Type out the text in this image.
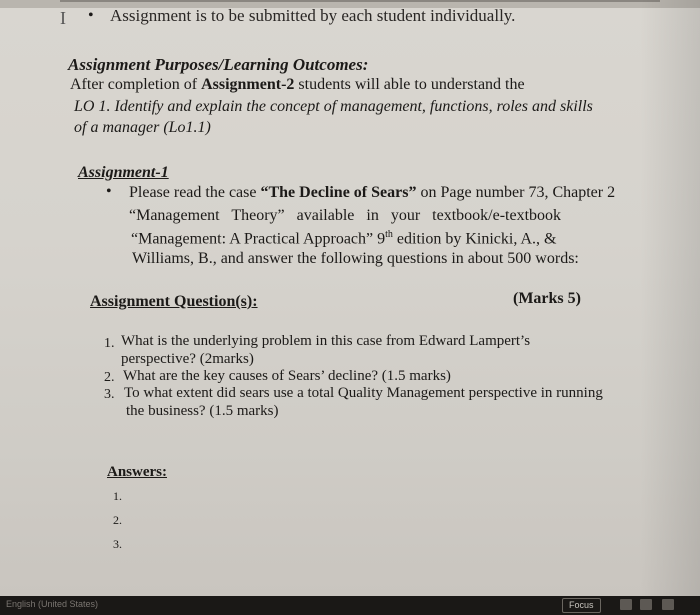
I • Assignment is to be submitted by each student individually.
Assignment Purposes/Learning Outcomes:
After completion of Assignment-2 students will able to understand the
LO 1. Identify and explain the concept of management, functions, roles and skills
of a manager (Lo1.1)
Assignment-1
• Please read the case “The Decline of Sears” on Page number 73, Chapter 2
“Management   Theory”   available   in   your   textbook/e-textbook
“Management: A Practical Approach” 9th edition by Kinicki, A., &
Williams, B., and answer the following questions in about 500 words:
Assignment Question(s):	(Marks 5)
1. What is the underlying problem in this case from Edward Lampert’s
perspective? (2marks)
2. What are the key causes of Sears’ decline? (1.5 marks)
3. To what extent did sears use a total Quality Management perspective in running
the business? (1.5 marks)
Answers:
1.
2.
3.
English (United States)	Focus
